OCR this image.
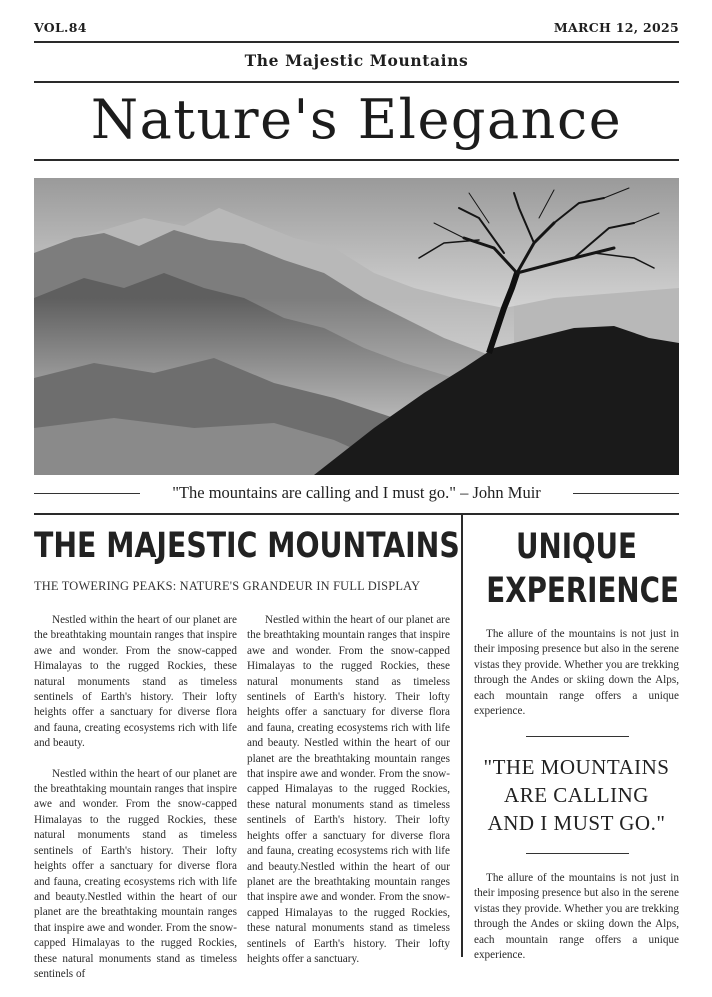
VOL.84	MARCH 12, 2025
The Majestic Mountains
Nature's Elegance
"The mountains are calling and I must go." – John Muir
THE MAJESTIC MOUNTAINS
THE TOWERING PEAKS: NATURE'S GRANDEUR IN FULL DISPLAY

Nestled within the heart of our planet are the breathtaking mountain ranges that inspire awe and wonder. From the snow-capped Himalayas to the rugged Rockies, these natural monuments stand as timeless sentinels of Earth's history. Their lofty heights offer a sanctuary for diverse flora and fauna, creating ecosystems rich with life and beauty.

Nestled within the heart of our planet are the breathtaking mountain ranges that inspire awe and wonder. From the snow-capped Himalayas to the rugged Rockies, these natural monuments stand as timeless sentinels of Earth's history. Their lofty heights offer a sanctuary for diverse flora and fauna, creating ecosystems rich with life and beauty.Nestled within the heart of our planet are the breathtaking mountain ranges that inspire awe and wonder. From the snow-capped Himalayas to the rugged Rockies, these natural monuments stand as timeless sentinels of

Nestled within the heart of our planet are the breathtaking mountain ranges that inspire awe and wonder. From the snow-capped Himalayas to the rugged Rockies, these natural monuments stand as timeless sentinels of Earth's history. Their lofty heights offer a sanctuary for diverse flora and fauna, creating ecosystems rich with life and beauty. Nestled within the heart of our planet are the breathtaking mountain ranges that inspire awe and wonder. From the snow-capped Himalayas to the rugged Rockies, these natural monuments stand as timeless sentinels of Earth's history. Their lofty heights offer a sanctuary for diverse flora and fauna, creating ecosystems rich with life and beauty.Nestled within the heart of our planet are the breathtaking mountain ranges that inspire awe and wonder. From the snow-capped Himalayas to the rugged Rockies, these natural monuments stand as timeless sentinels of Earth's history. Their lofty heights offer a sanctuary.

UNIQUE
EXPERIENCE

The allure of the mountains is not just in their imposing presence but also in the serene vistas they provide. Whether you are trekking through the Andes or skiing down the Alps, each mountain range offers a unique experience.

"THE MOUNTAINS
ARE CALLING
AND I MUST GO."

The allure of the mountains is not just in their imposing presence but also in the serene vistas they provide. Whether you are trekking through the Andes or skiing down the Alps, each mountain range offers a unique experience.
